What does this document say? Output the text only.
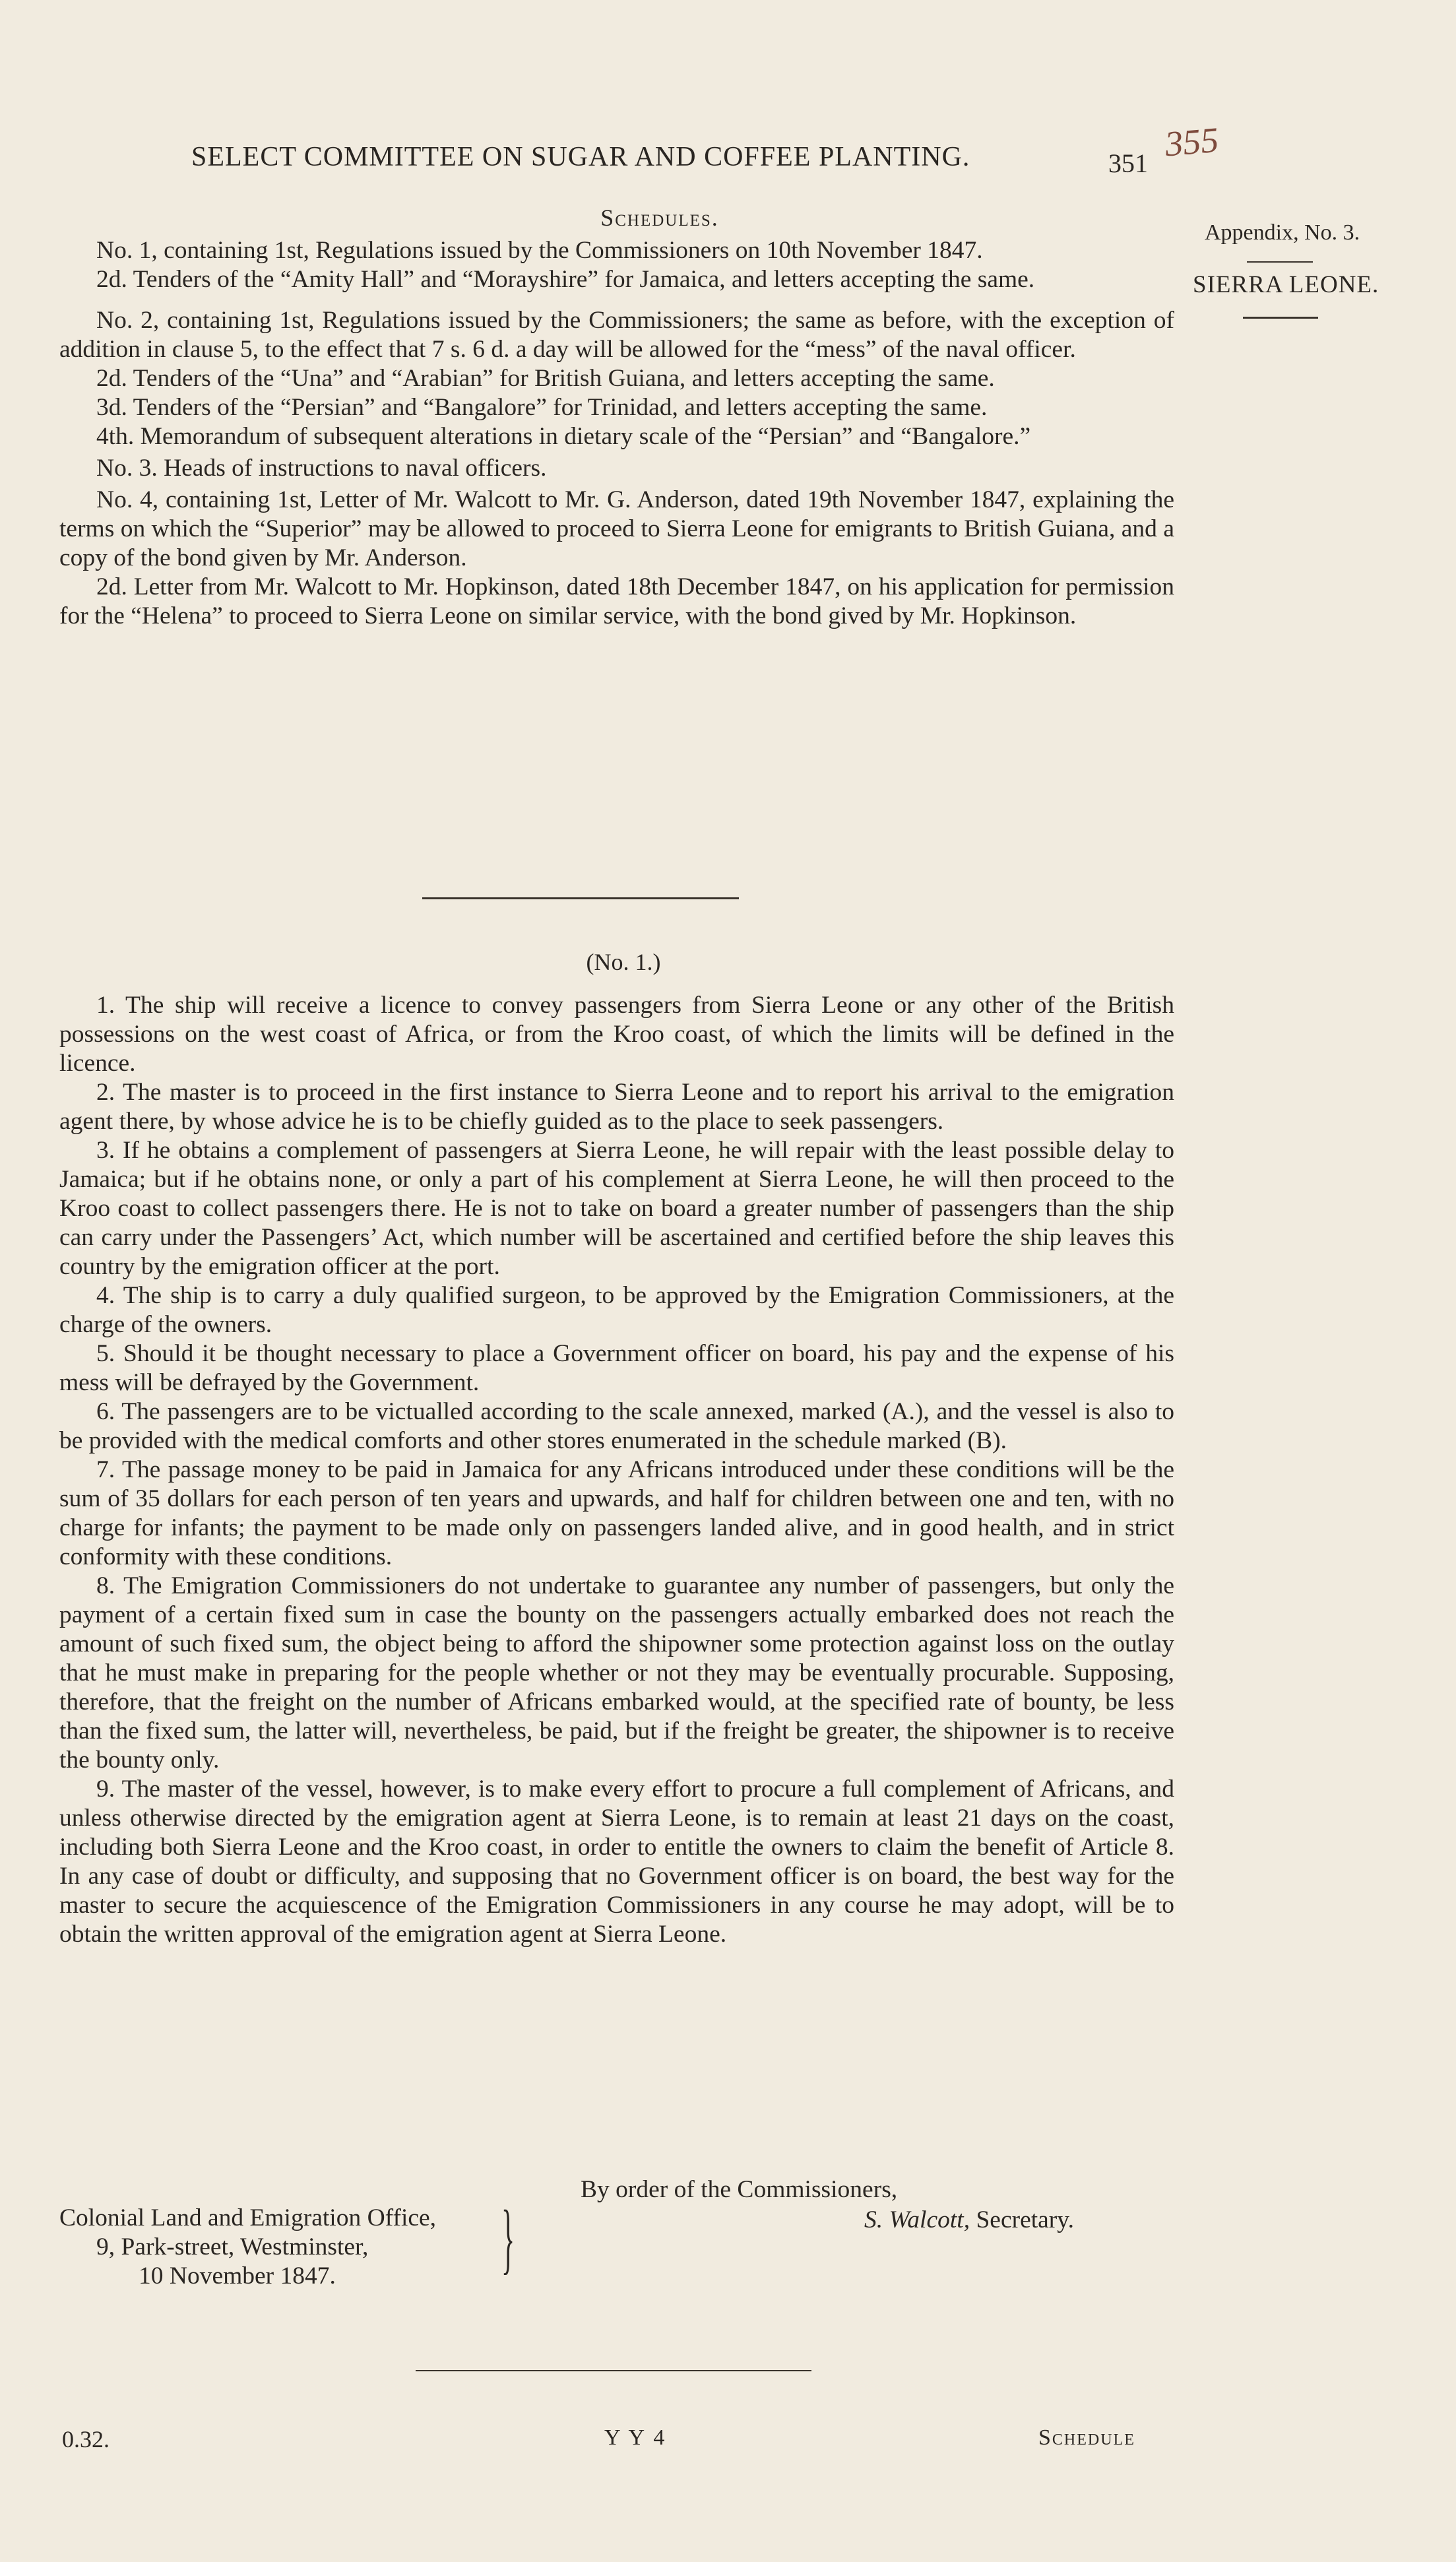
SELECT COMMITTEE ON SUGAR AND COFFEE PLANTING.	351 355
Appendix, No. 3.
SIERRA LEONE.
Schedules.

No. 1, containing 1st, Regulations issued by the Commissioners on 10th November 1847.

2d. Tenders of the “Amity Hall” and “Morayshire” for Jamaica, and letters accepting the same.

No. 2, containing 1st, Regulations issued by the Commissioners; the same as before, with the exception of addition in clause 5, to the effect that 7 s. 6 d. a day will be allowed for the “mess” of the naval officer.

2d. Tenders of the “Una” and “Arabian” for British Guiana, and letters accepting the same.

3d. Tenders of the “Persian” and “Bangalore” for Trinidad, and letters accepting the same.

4th. Memorandum of subsequent alterations in dietary scale of the “Persian” and “Bangalore.”

No. 3. Heads of instructions to naval officers.

No. 4, containing 1st, Letter of Mr. Walcott to Mr. G. Anderson, dated 19th November 1847, explaining the terms on which the “Superior” may be allowed to proceed to Sierra Leone for emigrants to British Guiana, and a copy of the bond given by Mr. Anderson.

2d. Letter from Mr. Walcott to Mr. Hopkinson, dated 18th December 1847, on his application for permission for the “Helena” to proceed to Sierra Leone on similar service, with the bond gived by Mr. Hopkinson.

(No. 1.)

1. The ship will receive a licence to convey passengers from Sierra Leone or any other of the British possessions on the west coast of Africa, or from the Kroo coast, of which the limits will be defined in the licence.

2. The master is to proceed in the first instance to Sierra Leone and to report his arrival to the emigration agent there, by whose advice he is to be chiefly guided as to the place to seek passengers.

3. If he obtains a complement of passengers at Sierra Leone, he will repair with the least possible delay to Jamaica; but if he obtains none, or only a part of his complement at Sierra Leone, he will then proceed to the Kroo coast to collect passengers there. He is not to take on board a greater number of passengers than the ship can carry under the Passengers’ Act, which number will be ascertained and certified before the ship leaves this country by the emigration officer at the port.

4. The ship is to carry a duly qualified surgeon, to be approved by the Emigration Commissioners, at the charge of the owners.

5. Should it be thought necessary to place a Government officer on board, his pay and the expense of his mess will be defrayed by the Government.

6. The passengers are to be victualled according to the scale annexed, marked (A.), and the vessel is also to be provided with the medical comforts and other stores enumerated in the schedule marked (B).

7. The passage money to be paid in Jamaica for any Africans introduced under these conditions will be the sum of 35 dollars for each person of ten years and upwards, and half for children between one and ten, with no charge for infants; the payment to be made only on passengers landed alive, and in good health, and in strict conformity with these conditions.

8. The Emigration Commissioners do not undertake to guarantee any number of passengers, but only the payment of a certain fixed sum in case the bounty on the passengers actually embarked does not reach the amount of such fixed sum, the object being to afford the shipowner some protection against loss on the outlay that he must make in preparing for the people whether or not they may be eventually procurable. Supposing, therefore, that the freight on the number of Africans embarked would, at the specified rate of bounty, be less than the fixed sum, the latter will, nevertheless, be paid, but if the freight be greater, the shipowner is to receive the bounty only.

9. The master of the vessel, however, is to make every effort to procure a full complement of Africans, and unless otherwise directed by the emigration agent at Sierra Leone, is to remain at least 21 days on the coast, including both Sierra Leone and the Kroo coast, in order to entitle the owners to claim the benefit of Article 8. In any case of doubt or difficulty, and supposing that no Government officer is on board, the best way for the master to secure the acquiescence of the Emigration Commissioners in any course he may adopt, will be to obtain the written approval of the emigration agent at Sierra Leone.

By order of the Commissioners,
S. Walcott, Secretary.
Colonial Land and Emigration Office,
9, Park-street, Westminster,
10 November 1847.	}
0.32.	Y Y 4	Schedule
